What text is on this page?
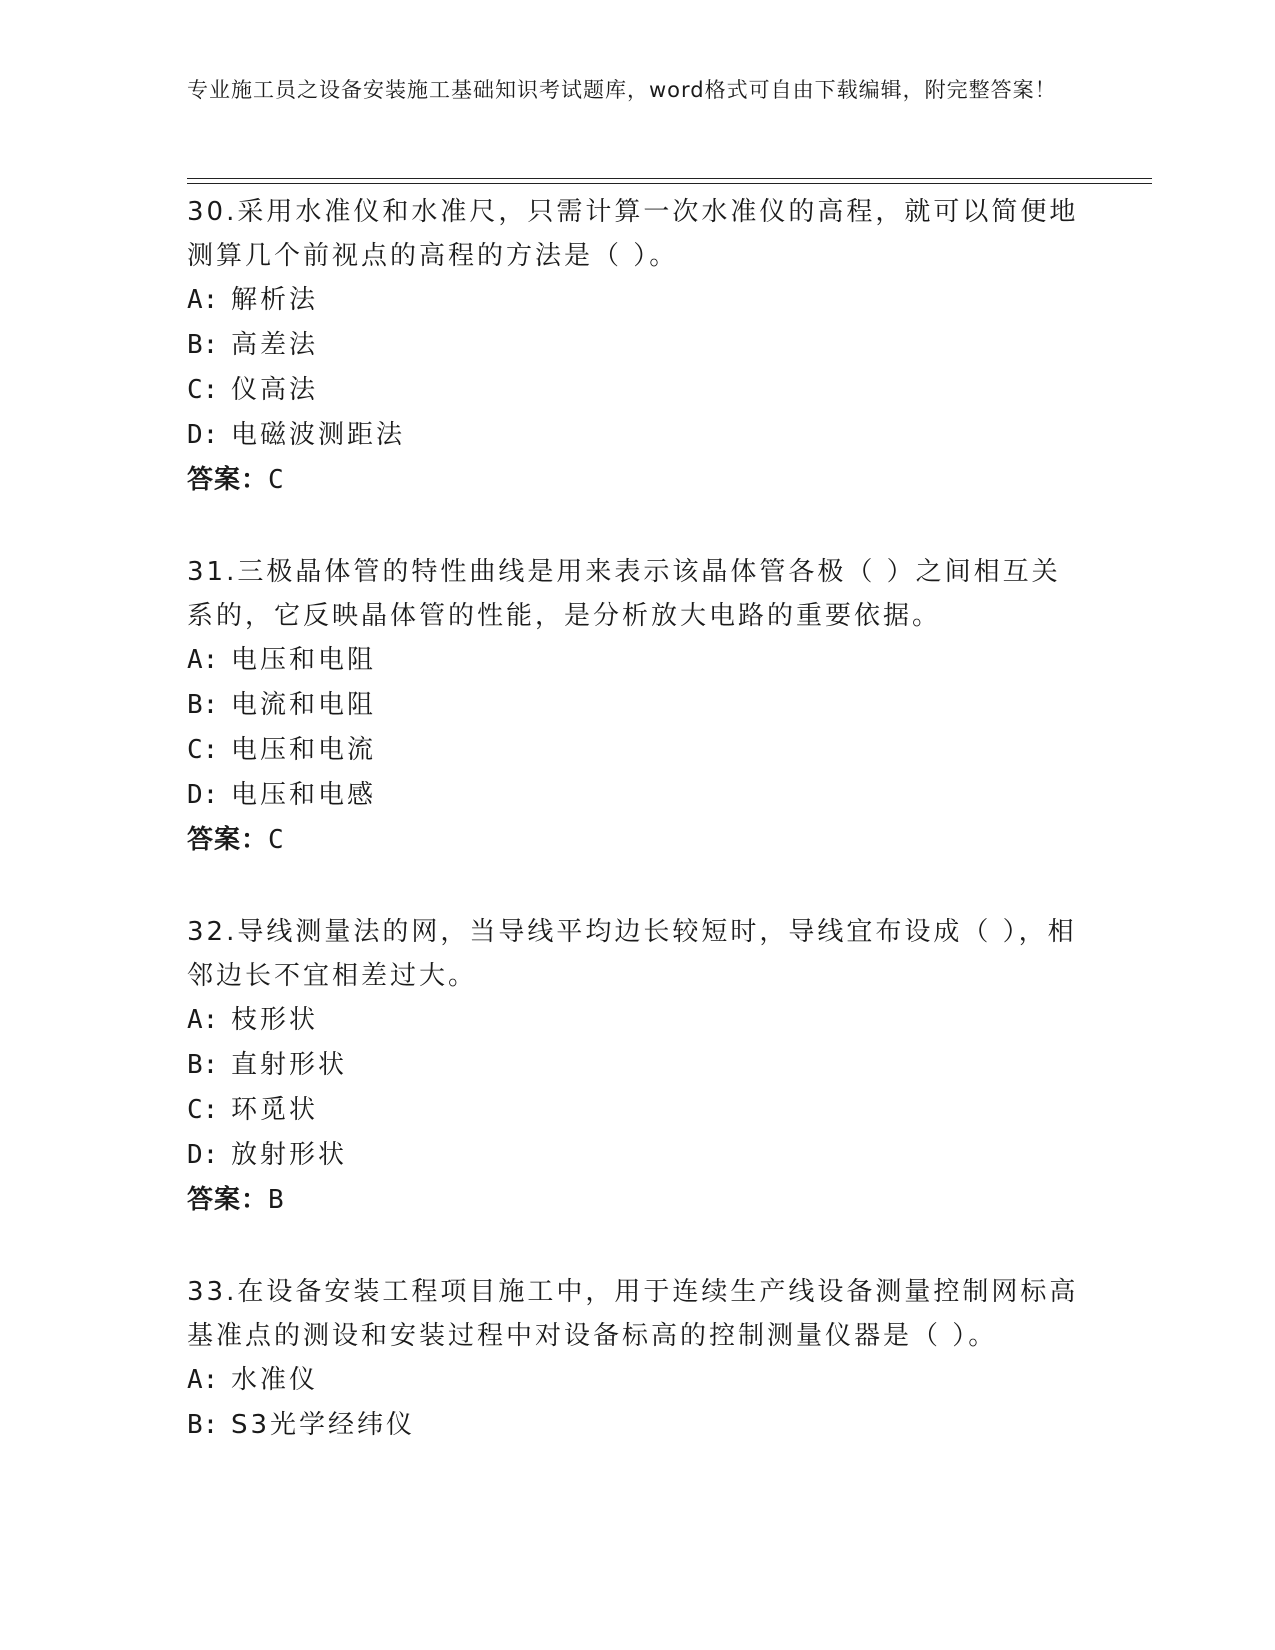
专业施工员之设备安装施工基础知识考试题库，word格式可自由下载编辑，附完整答案！
30.采用水准仪和水准尺，只需计算一次水准仪的高程，就可以简便地测算几个前视点的高程的方法是（ ）。
A: 解析法
B: 高差法
C: 仪高法
D: 电磁波测距法
答案：C
31.三极晶体管的特性曲线是用来表示该晶体管各极（ ）之间相互关系的，它反映晶体管的性能，是分析放大电路的重要依据。
A: 电压和电阻
B: 电流和电阻
C: 电压和电流
D: 电压和电感
答案：C
32.导线测量法的网，当导线平均边长较短时，导线宜布设成（ ），相邻边长不宜相差过大。
A: 枝形状
B: 直射形状
C: 环觅状
D: 放射形状
答案：B
33.在设备安装工程项目施工中，用于连续生产线设备测量控制网标高基准点的测设和安装过程中对设备标高的控制测量仪器是（ ）。
A: 水准仪
B: S3光学经纬仪
